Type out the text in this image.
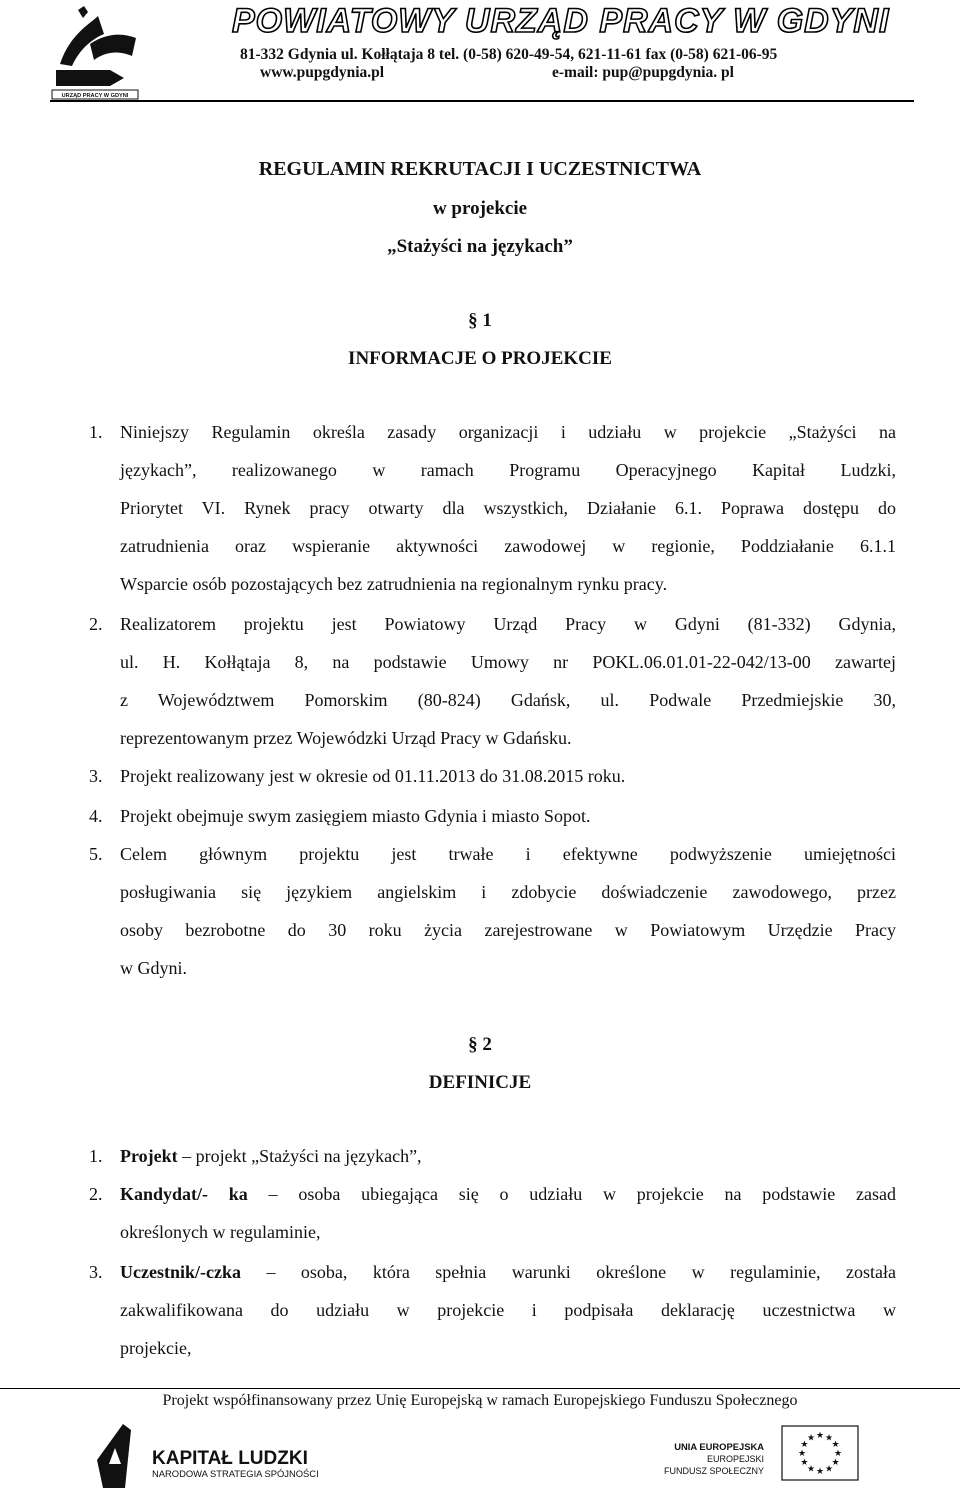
URZĄD PRACY W GDYNI
POWIATOWY URZĄD PRACY W GDYNI
81-332 Gdynia ul. Kołłątaja 8 tel. (0-58) 620-49-54, 621-11-61 fax (0-58) 621-06-95
www.pupgdynia.pl	e-mail: pup@pupgdynia. pl
REGULAMIN REKRUTACJI I UCZESTNICTWA
w projekcie
„Stażyści na językach”
§ 1
INFORMACJE O PROJEKCIE
1. Niniejszy Regulamin określa zasady organizacji i udziału w projekcie „Stażyści na
językach”, realizowanego w ramach Programu Operacyjnego Kapitał Ludzki,
Priorytet VI. Rynek pracy otwarty dla wszystkich, Działanie 6.1. Poprawa dostępu do
zatrudnienia oraz wspieranie aktywności zawodowej w regionie, Poddziałanie 6.1.1
Wsparcie osób pozostających bez zatrudnienia na regionalnym rynku pracy.
2. Realizatorem projektu jest Powiatowy Urząd Pracy w Gdyni (81-332) Gdynia,
ul. H. Kołłątaja 8, na podstawie Umowy nr POKL.06.01.01-22-042/13-00 zawartej
z Województwem Pomorskim (80-824) Gdańsk, ul. Podwale Przedmiejskie 30,
reprezentowanym przez Wojewódzki Urząd Pracy w Gdańsku.
3. Projekt realizowany jest w okresie od 01.11.2013 do 31.08.2015 roku.
4. Projekt obejmuje swym zasięgiem miasto Gdynia i miasto Sopot.
5. Celem głównym projektu jest trwałe i efektywne podwyższenie umiejętności
posługiwania się językiem angielskim i zdobycie doświadczenie zawodowego, przez
osoby bezrobotne do 30 roku życia zarejestrowane w Powiatowym Urzędzie Pracy
w Gdyni.
§ 2
DEFINICJE
1. Projekt – projekt „Stażyści na językach”,
2. Kandydat/- ka – osoba ubiegająca się o udziału w projekcie na podstawie zasad
określonych w regulaminie,
3. Uczestnik/-czka – osoba, która spełnia warunki określone w regulaminie, została
zakwalifikowana do udziału w projekcie i podpisała deklarację uczestnictwa w
projekcie,
Projekt współfinansowany przez Unię Europejską w ramach Europejskiego Funduszu Społecznego
KAPITAŁ LUDZKI
NARODOWA STRATEGIA SPÓJNOŚCI
UNIA EUROPEJSKA
EUROPEJSKI
FUNDUSZ SPOŁECZNY
★
★
★
★
★
★
★
★
★ ★ ★
★
